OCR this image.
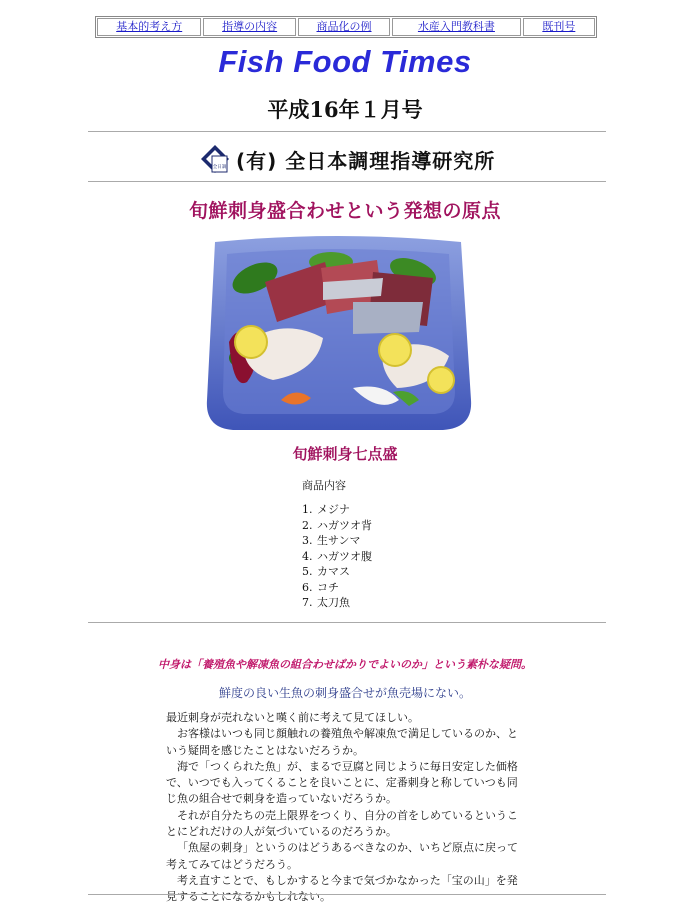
基本的考え方	指導の内容	商品化の例	水産入門教科書	既刊号
Fish Food Times
平成16年１月号
全日調 (有) 全日本調理指導研究所
旬鮮刺身盛合わせという発想の原点
旬鮮刺身七点盛
商品内容
1. メジナ
2. ハガツオ背
3. 生サンマ
4. ハガツオ腹
5. カマス
6. コチ
7. 太刀魚
中身は「養殖魚や解凍魚の組合わせばかりでよいのか」という素朴な疑問。
鮮度の良い生魚の刺身盛合せが魚売場にない。

最近刺身が売れないと嘆く前に考えて見てほしい。

お客様はいつも同じ顔触れの養殖魚や解凍魚で満足しているのか、という疑問を感じたことはないだろうか。

海で「つくられた魚」が、まるで豆腐と同じように毎日安定した価格で、いつでも入ってくることを良いことに、定番刺身と称していつも同じ魚の組合せで刺身を造っていないだろうか。

それが自分たちの売上限界をつくり、自分の首をしめているということにどれだけの人が気づいているのだろうか。

「魚屋の刺身」というのはどうあるべきなのか、いちど原点に戻って考えてみてはどうだろう。

考え直すことで、もしかすると今まで気づかなかった「宝の山」を発見することになるかもしれない。
